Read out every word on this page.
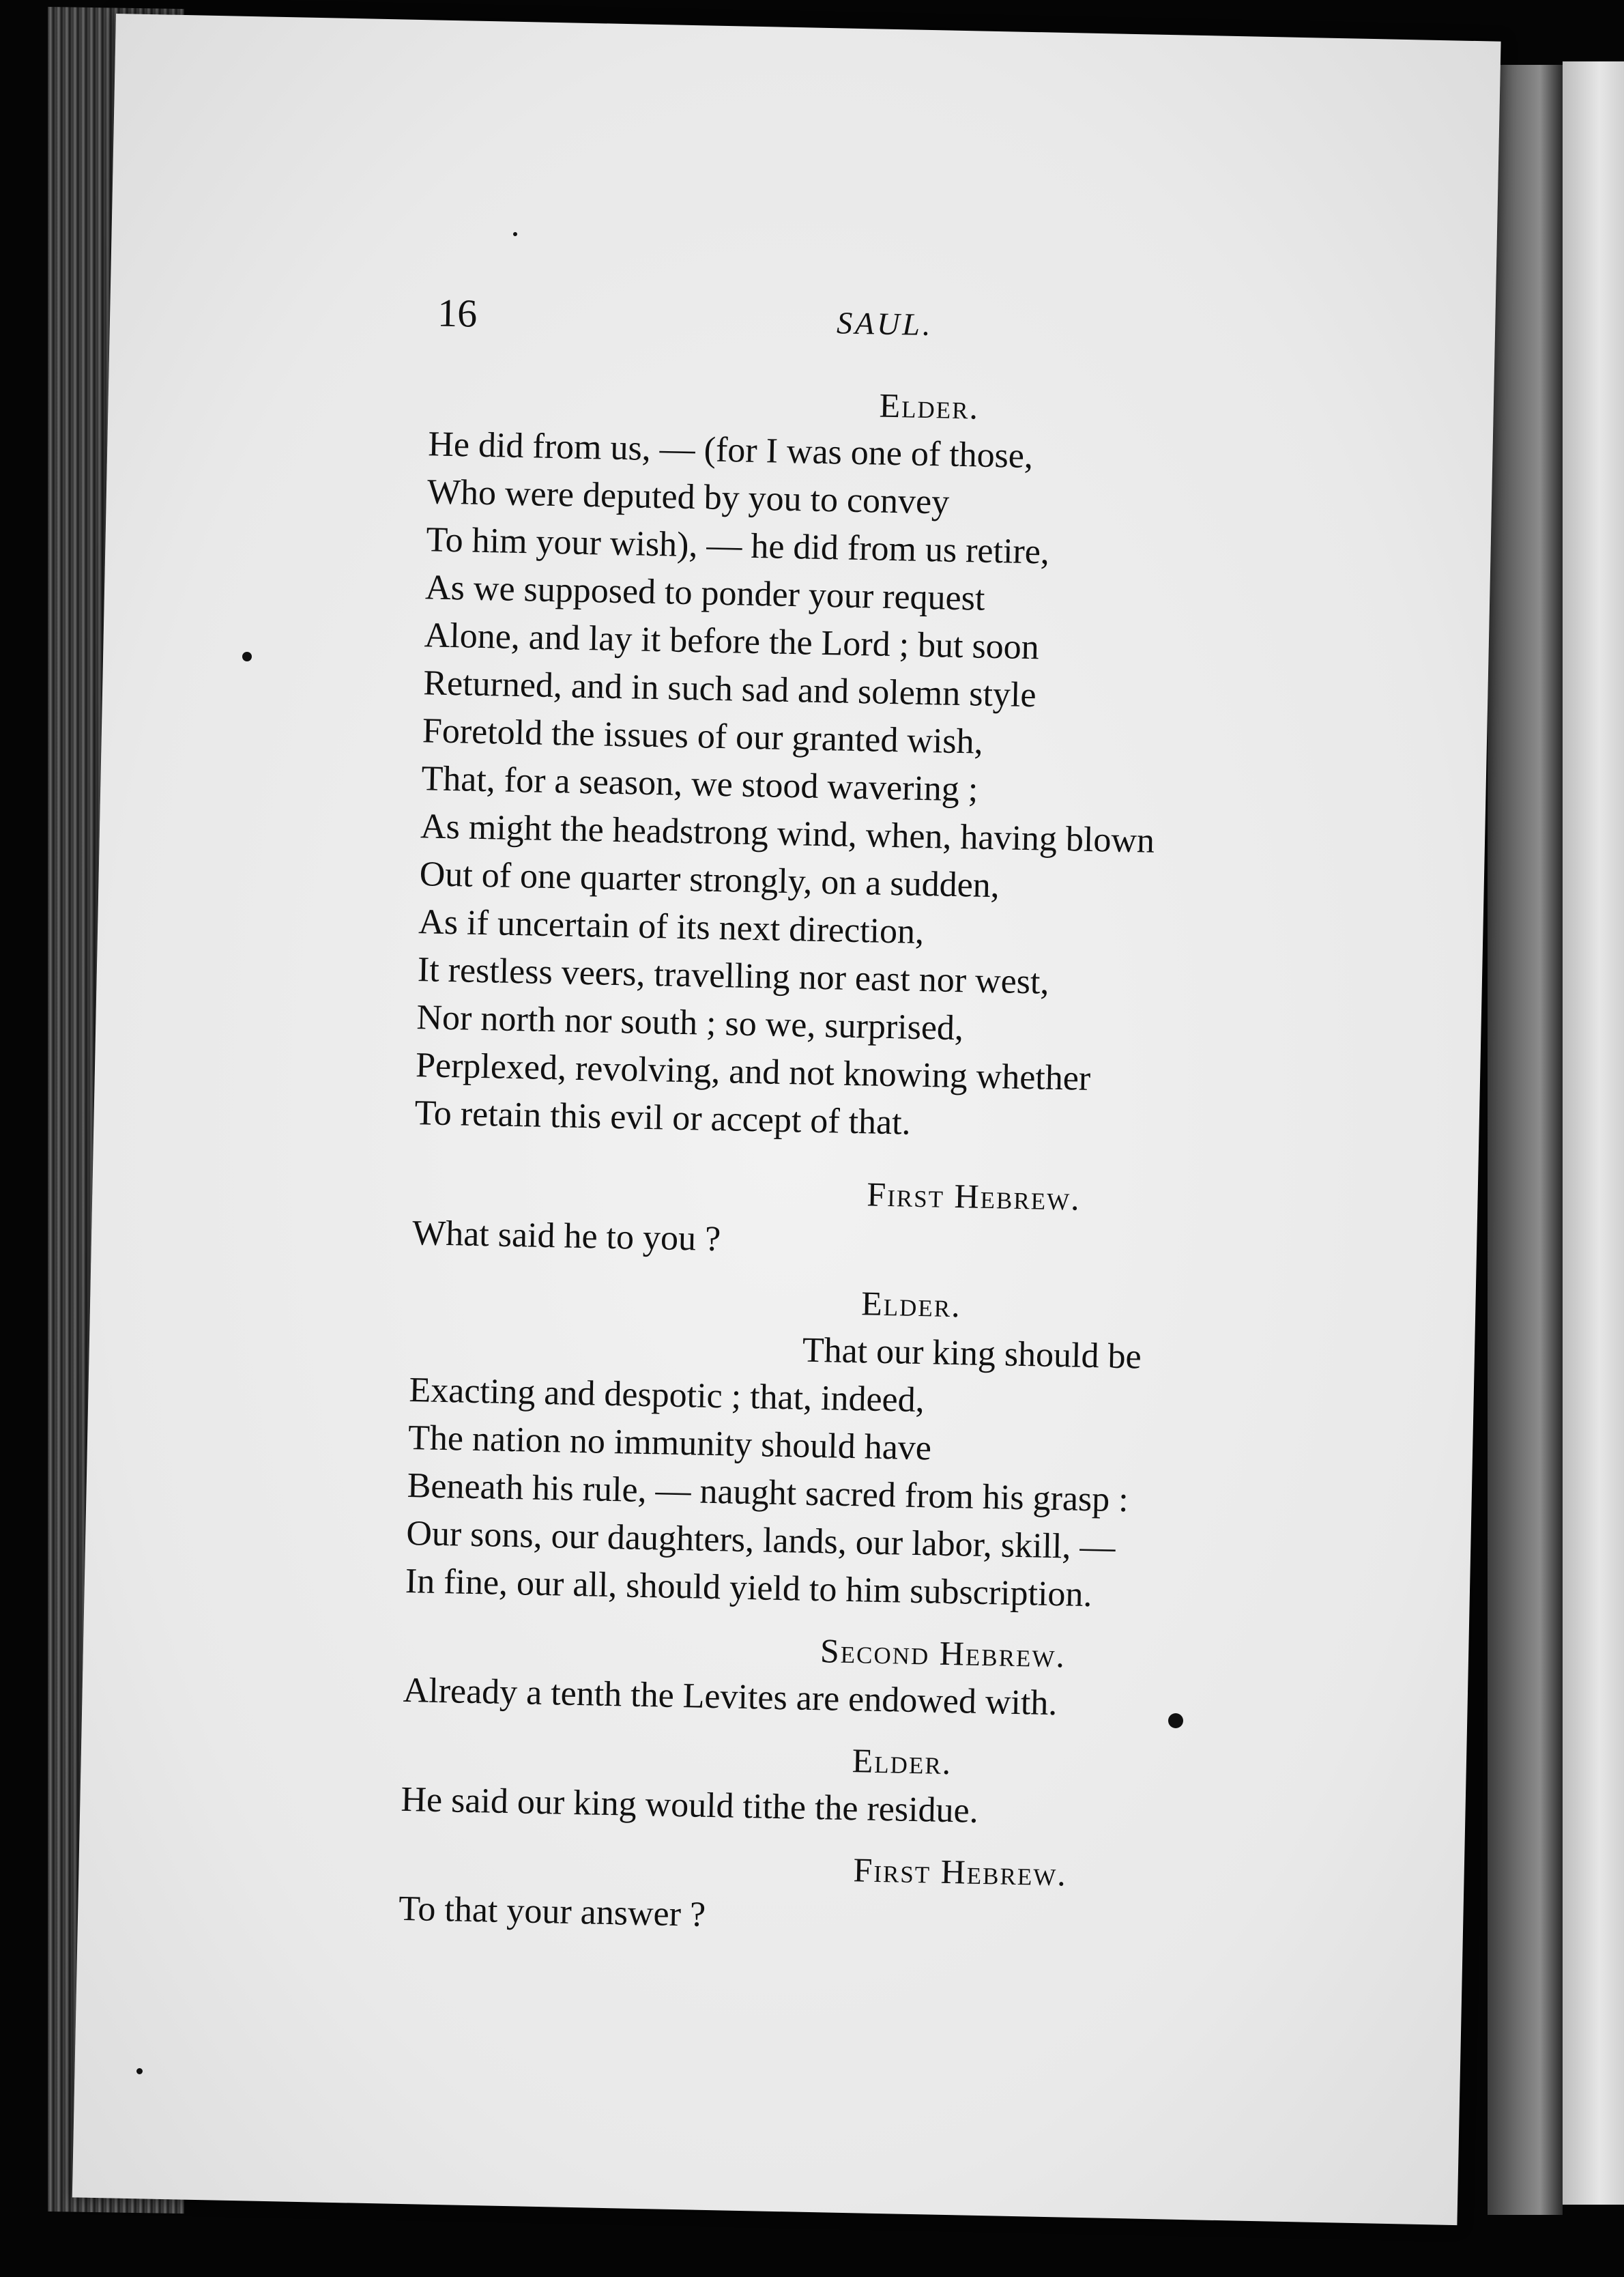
16	SAUL.
Elder.
He did from us, — (for I was one of those,
Who were deputed by you to convey
To him your wish), — he did from us retire,
As we supposed to ponder your request
Alone, and lay it before the Lord ; but soon
Returned, and in such sad and solemn style
Foretold the issues of our granted wish,
That, for a season, we stood wavering ;
As might the headstrong wind, when, having blown
Out of one quarter strongly, on a sudden,
As if uncertain of its next direction,
It restless veers, travelling nor east nor west,
Nor north nor south ; so we, surprised,
Perplexed, revolving, and not knowing whether
To retain this evil or accept of that.
First Hebrew.
What said he to you ?
Elder.
That our king should be
Exacting and despotic ; that, indeed,
The nation no immunity should have
Beneath his rule, — naught sacred from his grasp :
Our sons, our daughters, lands, our labor, skill, —
In fine, our all, should yield to him subscription.
Second Hebrew.
Already a tenth the Levites are endowed with.
Elder.
He said our king would tithe the residue.
First Hebrew.
To that your answer ?
